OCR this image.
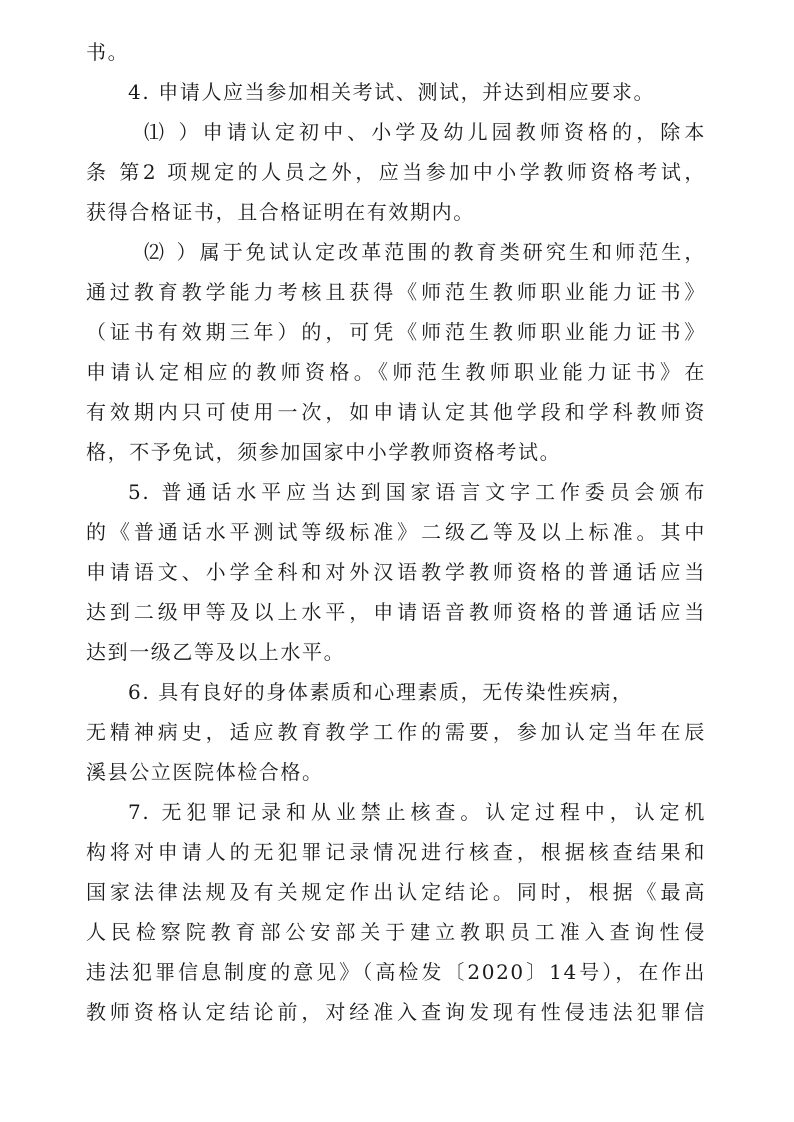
书。
4. 申请人应当参加相关考试、测试，并达到相应要求。
⑴ ）申请认定初中、小学及幼儿园教师资格的，除本
条 第2 项规定的人员之外，应当参加中小学教师资格考试，
获得合格证书，且合格证明在有效期内。
⑵ ）属于免试认定改革范围的教育类研究生和师范生，
通过教育教学能力考核且获得《师范生教师职业能力证书》
（证书有效期三年）的，可凭《师范生教师职业能力证书》
申请认定相应的教师资格。《师范生教师职业能力证书》在
有效期内只可使用一次，如申请认定其他学段和学科教师资
格，不予免试，须参加国家中小学教师资格考试。
5. 普通话水平应当达到国家语言文字工作委员会颁布
的《普通话水平测试等级标准》二级乙等及以上标准。其中
申请语文、小学全科和对外汉语教学教师资格的普通话应当
达到二级甲等及以上水平，申请语音教师资格的普通话应当
达到一级乙等及以上水平。
6. 具有良好的身体素质和心理素质，无传染性疾病，
无精神病史，适应教育教学工作的需要，参加认定当年在辰
溪县公立医院体检合格。
7. 无犯罪记录和从业禁止核查。认定过程中，认定机
构将对申请人的无犯罪记录情况进行核查，根据核查结果和
国家法律法规及有关规定作出认定结论。同时，根据《最高
人民检察院教育部公安部关于建立教职员工准入查询性侵
违法犯罪信息制度的意见》（高检发〔2020〕14号），在作出
教师资格认定结论前，对经准入查询发现有性侵违法犯罪信
